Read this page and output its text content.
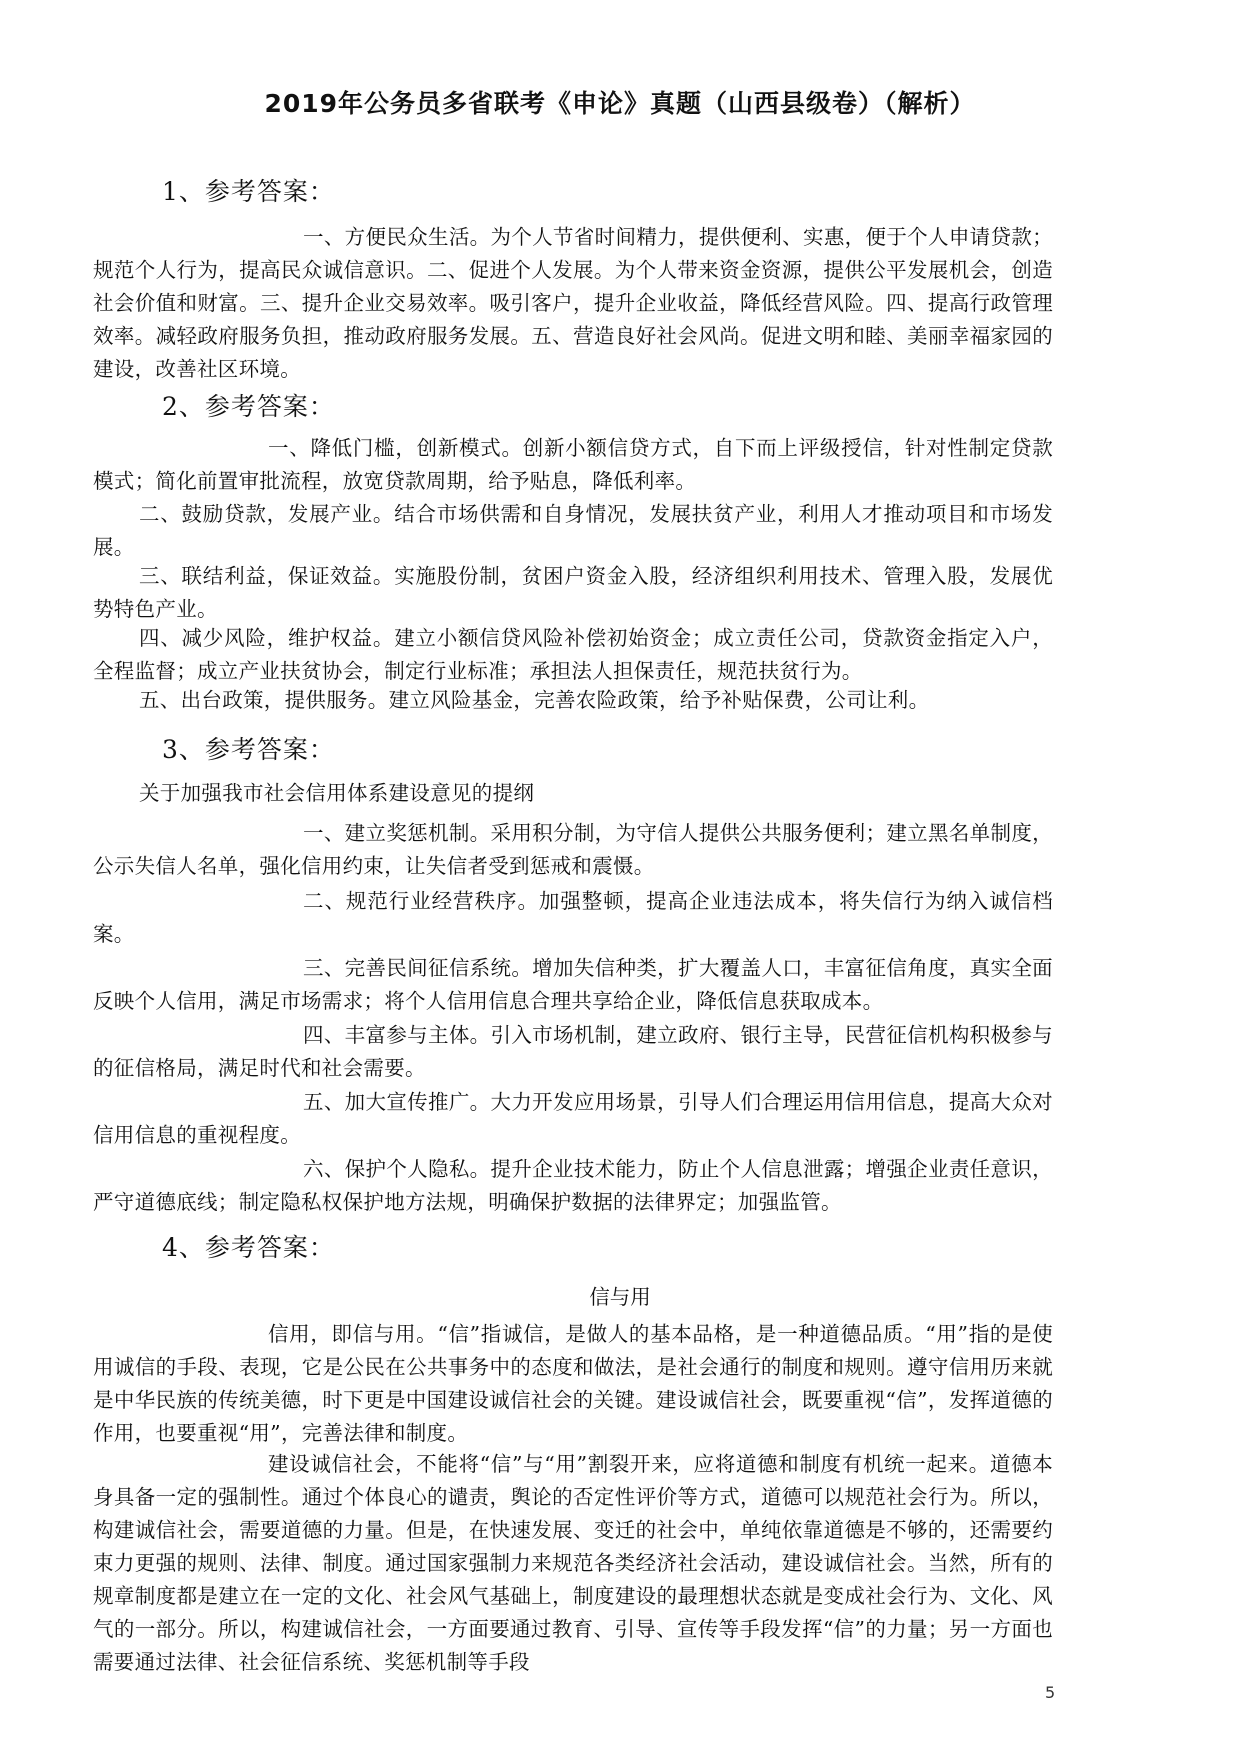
2019年公务员多省联考《申论》真题（山西县级卷）（解析）
1、参考答案：
一、方便民众生活。为个人节省时间精力，提供便利、实惠，便于个人申请贷款；规范个人行为，提高民众诚信意识。二、促进个人发展。为个人带来资金资源，提供公平发展机会，创造社会价值和财富。三、提升企业交易效率。吸引客户，提升企业收益，降低经营风险。四、提高行政管理效率。减轻政府服务负担，推动政府服务发展。五、营造良好社会风尚。促进文明和睦、美丽幸福家园的建设，改善社区环境。
2、参考答案：
一、降低门槛，创新模式。创新小额信贷方式，自下而上评级授信，针对性制定贷款模式；简化前置审批流程，放宽贷款周期，给予贴息，降低利率。
二、鼓励贷款，发展产业。结合市场供需和自身情况，发展扶贫产业，利用人才推动项目和市场发展。
三、联结利益，保证效益。实施股份制，贫困户资金入股，经济组织利用技术、管理入股，发展优势特色产业。
四、减少风险，维护权益。建立小额信贷风险补偿初始资金；成立责任公司，贷款资金指定入户，全程监督；成立产业扶贫协会，制定行业标准；承担法人担保责任，规范扶贫行为。
五、出台政策，提供服务。建立风险基金，完善农险政策，给予补贴保费，公司让利。
3、参考答案：
关于加强我市社会信用体系建设意见的提纲
一、建立奖惩机制。采用积分制，为守信人提供公共服务便利；建立黑名单制度，公示失信人名单，强化信用约束，让失信者受到惩戒和震慑。
二、规范行业经营秩序。加强整顿，提高企业违法成本，将失信行为纳入诚信档案。
三、完善民间征信系统。增加失信种类，扩大覆盖人口，丰富征信角度，真实全面反映个人信用，满足市场需求；将个人信用信息合理共享给企业，降低信息获取成本。
四、丰富参与主体。引入市场机制，建立政府、银行主导，民营征信机构积极参与的征信格局，满足时代和社会需要。
五、加大宣传推广。大力开发应用场景，引导人们合理运用信用信息，提高大众对信用信息的重视程度。
六、保护个人隐私。提升企业技术能力，防止个人信息泄露；增强企业责任意识，严守道德底线；制定隐私权保护地方法规，明确保护数据的法律界定；加强监管。
4、参考答案：
信与用
信用，即信与用。“信”指诚信，是做人的基本品格，是一种道德品质。“用”指的是使用诚信的手段、表现，它是公民在公共事务中的态度和做法，是社会通行的制度和规则。遵守信用历来就是中华民族的传统美德，时下更是中国建设诚信社会的关键。建设诚信社会，既要重视“信”，发挥道德的作用，也要重视“用”，完善法律和制度。
建设诚信社会，不能将“信”与“用”割裂开来，应将道德和制度有机统一起来。道德本身具备一定的强制性。通过个体良心的谴责，舆论的否定性评价等方式，道德可以规范社会行为。所以，构建诚信社会，需要道德的力量。但是，在快速发展、变迁的社会中，单纯依靠道德是不够的，还需要约束力更强的规则、法律、制度。通过国家强制力来规范各类经济社会活动，建设诚信社会。当然，所有的规章制度都是建立在一定的文化、社会风气基础上，制度建设的最理想状态就是变成社会行为、文化、风气的一部分。所以，构建诚信社会，一方面要通过教育、引导、宣传等手段发挥“信”的力量；另一方面也需要通过法律、社会征信系统、奖惩机制等手段
5
